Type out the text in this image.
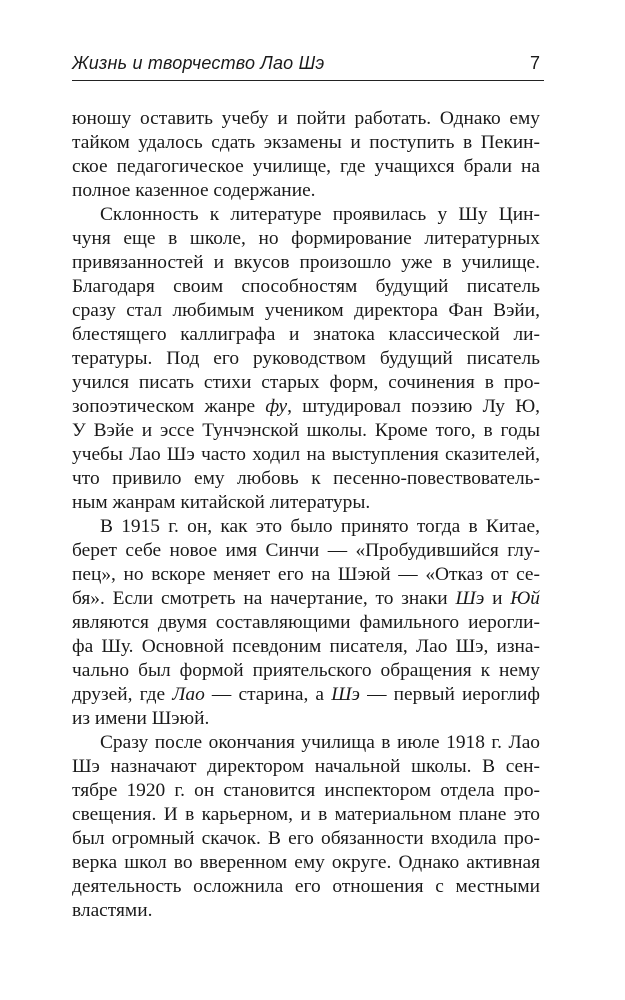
Жизнь и творчество Лао Шэ	7

юношу оставить учебу и пойти работать. Однако ему
тайком удалось сдать экзамены и поступить в Пекин-
ское педагогическое училище, где учащихся брали на
полное казенное содержание.

Склонность к литературе проявилась у Шу Цин-
чуня еще в школе, но формирование литературных
привязанностей и вкусов произошло уже в училище.
Благодаря своим способностям будущий писатель
сразу стал любимым учеником директора Фан Вэйи,
блестящего каллиграфа и знатока классической ли-
тературы. Под его руководством будущий писатель
учился писать стихи старых форм, сочинения в про-
зопоэтическом жанре фу, штудировал поэзию Лу Ю,
У Вэйе и эссе Тунчэнской школы. Кроме того, в годы
учебы Лао Шэ часто ходил на выступления сказителей,
что привило ему любовь к песенно-повествователь-
ным жанрам китайской литературы.

В 1915 г. он, как это было принято тогда в Китае,
берет себе новое имя Синчи — «Пробудившийся глу-
пец», но вскоре меняет его на Шэюй — «Отказ от се-
бя». Если смотреть на начертание, то знаки Шэ и Юй
являются двумя составляющими фамильного иерогли-
фа Шу. Основной псевдоним писателя, Лао Шэ, изна-
чально был формой приятельского обращения к нему
друзей, где Лао — старина, а Шэ — первый иероглиф
из имени Шэюй.

Сразу после окончания училища в июле 1918 г. Лао
Шэ назначают директором начальной школы. В сен-
тябре 1920 г. он становится инспектором отдела про-
свещения. И в карьерном, и в материальном плане это
был огромный скачок. В его обязанности входила про-
верка школ во вверенном ему округе. Однако активная
деятельность осложнила его отношения с местными
властями.
